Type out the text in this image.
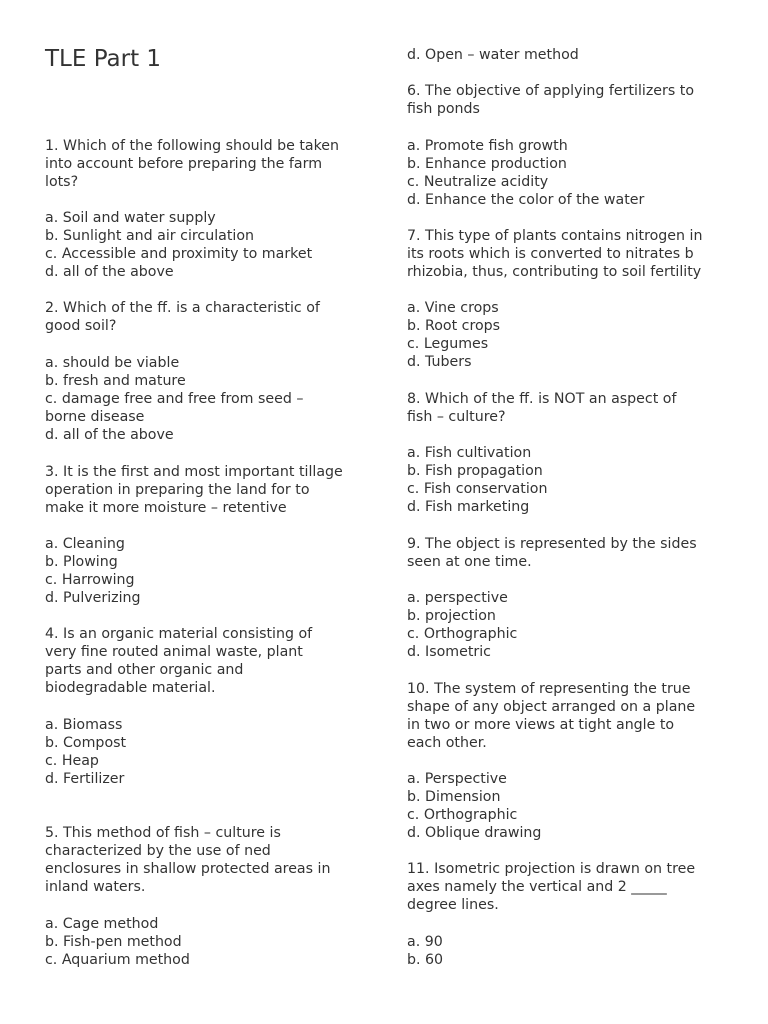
TLE Part 1

1. Which of the following should be taken
into account before preparing the farm
lots?

a. Soil and water supply
b. Sunlight and air circulation
c. Accessible and proximity to market
d. all of the above

2. Which of the ff. is a characteristic of
good soil?

a. should be viable
b. fresh and mature
c. damage free and free from seed –
borne disease
d. all of the above

3. It is the first and most important tillage
operation in preparing the land for to
make it more moisture – retentive

a. Cleaning
b. Plowing
c. Harrowing
d. Pulverizing

4. Is an organic material consisting of
very fine routed animal waste, plant
parts and other organic and
biodegradable material.

a. Biomass
b. Compost
c. Heap
d. Fertilizer

5. This method of fish – culture is
characterized by the use of ned
enclosures in shallow protected areas in
inland waters.

a. Cage method
b. Fish-pen method
c. Aquarium method

d. Open – water method

6. The objective of applying fertilizers to
fish ponds

a. Promote fish growth
b. Enhance production
c. Neutralize acidity
d. Enhance the color of the water

7. This type of plants contains nitrogen in
its roots which is converted to nitrates b
rhizobia, thus, contributing to soil fertility

a. Vine crops
b. Root crops
c. Legumes
d. Tubers

8. Which of the ff. is NOT an aspect of
fish – culture?

a. Fish cultivation
b. Fish propagation
c. Fish conservation
d. Fish marketing

9. The object is represented by the sides
seen at one time.

a. perspective
b. projection
c. Orthographic
d. Isometric

10. The system of representing the true
shape of any object arranged on a plane
in two or more views at tight angle to
each other.

a. Perspective
b. Dimension
c. Orthographic
d. Oblique drawing

11. Isometric projection is drawn on tree
axes namely the vertical and 2 _____
degree lines.

a. 90
b. 60
